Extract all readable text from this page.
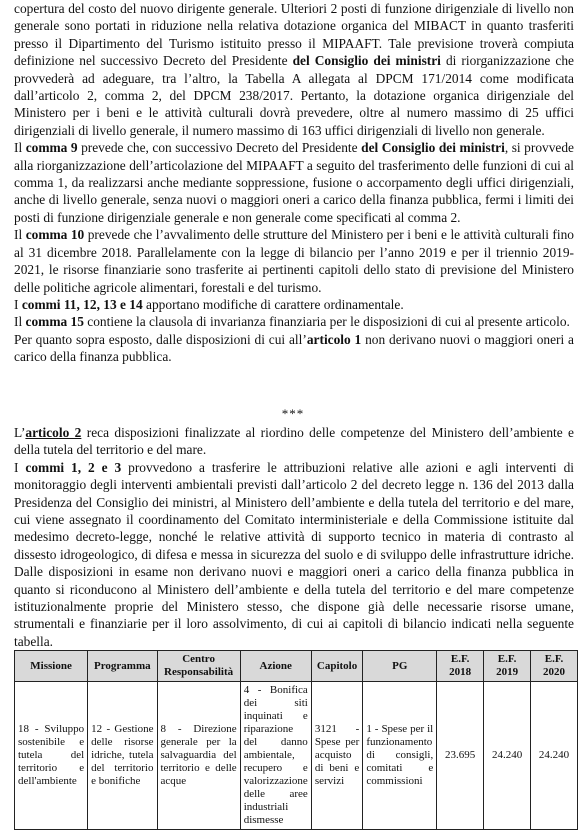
copertura del costo del nuovo dirigente generale. Ulteriori 2 posti di funzione dirigenziale di livello non generale sono portati in riduzione nella relativa dotazione organica del MIBACT in quanto trasferiti presso il Dipartimento del Turismo istituito presso il MIPAAFT. Tale previsione troverà compiuta definizione nel successivo Decreto del Presidente del Consiglio dei ministri di riorganizzazione che provvederà ad adeguare, tra l’altro, la Tabella A allegata al DPCM 171/2014 come modificata dall’articolo 2, comma 2, del DPCM 238/2017. Pertanto, la dotazione organica dirigenziale del Ministero per i beni e le attività culturali dovrà prevedere, oltre al numero massimo di 25 uffici dirigenziali di livello generale, il numero massimo di 163 uffici dirigenziali di livello non generale.

Il comma 9 prevede che, con successivo Decreto del Presidente del Consiglio dei ministri, si provvede alla riorganizzazione dell’articolazione del MIPAAFT a seguito del trasferimento delle funzioni di cui al comma 1, da realizzarsi anche mediante soppressione, fusione o accorpamento degli uffici dirigenziali, anche di livello generale, senza nuovi o maggiori oneri a carico della finanza pubblica, fermi i limiti dei posti di funzione dirigenziale generale e non generale come specificati al comma 2.

Il comma 10 prevede che l’avvalimento delle strutture del Ministero per i beni e le attività culturali fino al 31 dicembre 2018. Parallelamente con la legge di bilancio per l’anno 2019 e per il triennio 2019-2021, le risorse finanziarie sono trasferite ai pertinenti capitoli dello stato di previsione del Ministero delle politiche agricole alimentari, forestali e del turismo.

I commi 11, 12, 13 e 14 apportano modifiche di carattere ordinamentale.

Il comma 15 contiene la clausola di invarianza finanziaria per le disposizioni di cui al presente articolo.

Per quanto sopra esposto, dalle disposizioni di cui all’articolo 1 non derivano nuovi o maggiori oneri a carico della finanza pubblica.

***

L’articolo 2 reca disposizioni finalizzate al riordino delle competenze del Ministero dell’ambiente e della tutela del territorio e del mare.

I commi 1, 2 e 3 provvedono a trasferire le attribuzioni relative alle azioni e agli interventi di monitoraggio degli interventi ambientali previsti dall’articolo 2 del decreto legge n. 136 del 2013 dalla Presidenza del Consiglio dei ministri, al Ministero dell’ambiente e della tutela del territorio e del mare, cui viene assegnato il coordinamento del Comitato interministeriale e della Commissione istituite dal medesimo decreto-legge, nonché le relative attività di supporto tecnico in materia di contrasto al dissesto idrogeologico, di difesa e messa in sicurezza del suolo e di sviluppo delle infrastrutture idriche. Dalle disposizioni in esame non derivano nuovi e maggiori oneri a carico della finanza pubblica in quanto si riconducono al Ministero dell’ambiente e della tutela del territorio e del mare competenze istituzionalmente proprie del Ministero stesso, che dispone già delle necessarie risorse umane, strumentali e finanziarie per il loro assolvimento, di cui ai capitoli di bilancio indicati nella seguente tabella.

Missione	Programma	Centro Responsabilità	Azione	Capitolo	PG	E.F. 2018	E.F. 2019	E.F. 2020
18 - Sviluppo sostenibile e tutela del territorio e dell'ambiente	12 - Gestione delle risorse idriche, tutela del territorio e bonifiche	8 - Direzione generale per la salvaguardia del territorio e delle acque	4 - Bonifica dei siti inquinati e riparazione del danno ambientale, recupero e valorizzazione delle aree industriali dismesse	3121 - Spese per acquisto di beni e servizi	1 - Spese per il funzionamento di consigli, comitati e commissioni	23.695	24.240	24.240
